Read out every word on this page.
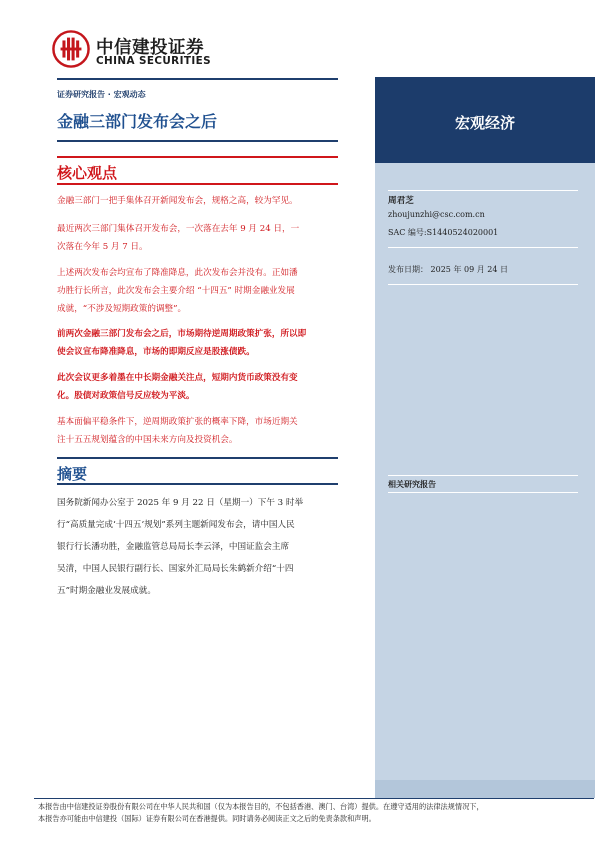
中信建投证券
CHINA SECURITIES
证券研究报告 · 宏观动态
金融三部门发布会之后
核心观点
金融三部门一把手集体召开新闻发布会，规格之高，较为罕见。
最近两次三部门集体召开发布会，一次落在去年 9 月 24 日，一
次落在今年 5 月 7 日。
上述两次发布会均宣布了降准降息，此次发布会并没有。正如潘
功胜行长所言，此次发布会主要介绍 “十四五” 时期金融业发展
成就，“不涉及短期政策的调整”。
前两次金融三部门发布会之后，市场期待逆周期政策扩张，所以即
使会议宣布降准降息，市场的即期反应是股涨债跌。
此次会议更多着墨在中长期金融关注点，短期内货币政策没有变
化。股债对政策信号反应较为平淡。
基本面偏平稳条件下，逆周期政策扩张的概率下降，市场近期关
注十五五规划蕴含的中国未来方向及投资机会。
摘要
国务院新闻办公室于 2025 年 9 月 22 日（星期一）下午 3 时举
行“高质量完成‘十四五’规划”系列主题新闻发布会，请中国人民
银行行长潘功胜，金融监管总局局长李云泽，中国证监会主席
吴清，中国人民银行副行长、国家外汇局局长朱鹤新介绍“十四
五”时期金融业发展成就。
宏观经济
周君芝
zhoujunzhi@csc.com.cn
SAC 编号:S1440524020001
发布日期： 2025 年 09 月 24 日
相关研究报告
本报告由中信建投证券股份有限公司在中华人民共和国（仅为本报告目的，不包括香港、澳门、台湾）提供。在遵守适用的法律法规情况下，
本报告亦可能由中信建投（国际）证券有限公司在香港提供。同时请务必阅读正文之后的免责条款和声明。
